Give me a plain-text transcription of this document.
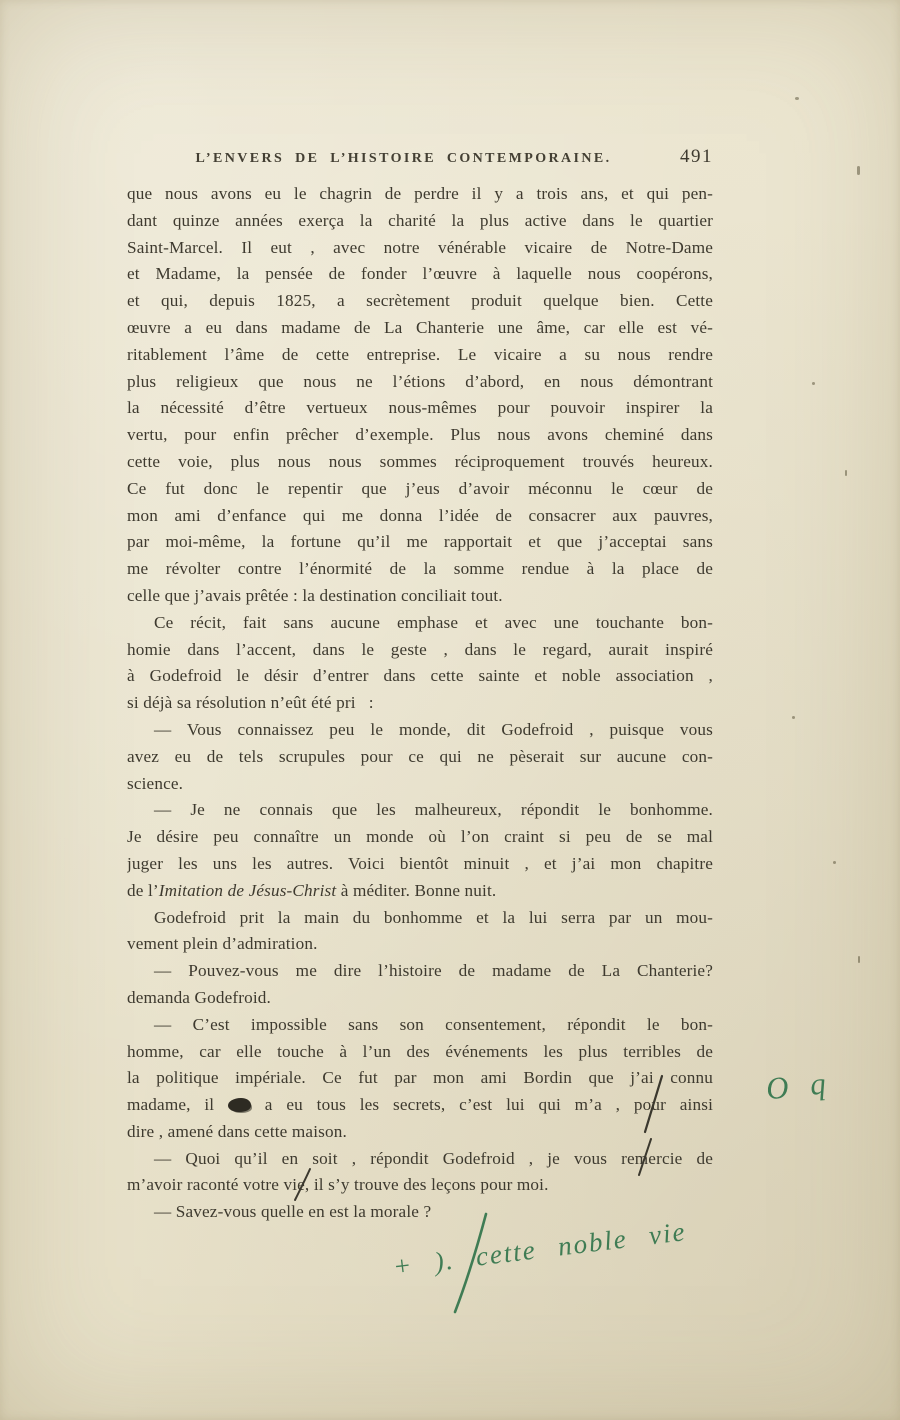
L’ENVERS DE L’HISTOIRE CONTEMPORAINE.	491
que nous avons eu le chagrin de perdre il y a trois ans, et qui pen-
dant quinze années exerça la charité la plus active dans le quartier
Saint-Marcel. Il eut , avec notre vénérable vicaire de Notre-Dame
et Madame, la pensée de fonder l’œuvre à laquelle nous coopérons,
et qui, depuis 1825, a secrètement produit quelque bien. Cette
œuvre a eu dans madame de La Chanterie une âme, car elle est vé-
ritablement l’âme de cette entreprise. Le vicaire a su nous rendre
plus religieux que nous ne l’étions d’abord, en nous démontrant
la nécessité d’être vertueux nous-mêmes pour pouvoir inspirer la
vertu, pour enfin prêcher d’exemple. Plus nous avons cheminé dans
cette voie, plus nous nous sommes réciproquement trouvés heureux.
Ce fut donc le repentir que j’eus d’avoir méconnu le cœur de
mon ami d’enfance qui me donna l’idée de consacrer aux pauvres,
par moi-même, la fortune qu’il me rapportait et que j’acceptai sans
me révolter contre l’énormité de la somme rendue à la place de
celle que j’avais prêtée : la destination conciliait tout.
Ce récit, fait sans aucune emphase et avec une touchante bon-
homie dans l’accent, dans le geste , dans le regard, aurait inspiré
à Godefroid le désir d’entrer dans cette sainte et noble association ,
si déjà sa résolution n’eût été pri  :
— Vous connaissez peu le monde, dit Godefroid , puisque vous
avez eu de tels scrupules pour ce qui ne pèserait sur aucune con-
science.
— Je ne connais que les malheureux, répondit le bonhomme.
Je désire peu connaître un monde où l’on craint si peu de se mal
juger les uns les autres. Voici bientôt minuit , et j’ai mon chapitre
de l’Imitation de Jésus-Christ à méditer. Bonne nuit.
Godefroid prit la main du bonhomme et la lui serra par un mou-
vement plein d’admiration.
— Pouvez-vous me dire l’histoire de madame de La Chanterie?
demanda Godefroid.
— C’est impossible sans son consentement, répondit le bon-
homme, car elle touche à l’un des événements les plus terribles de
la politique impériale. Ce fut par mon ami Bordin que j’ai connu
madame, il  a eu tous les secrets, c’est lui qui m’a , pour ainsi
dire , amené dans cette maison.
— Quoi qu’il en soit , répondit Godefroid , je vous remercie de
m’avoir raconté votre vie, il s’y trouve des leçons pour moi.
— Savez-vous quelle en est la morale ?
O q
+ ). cette noble vie
